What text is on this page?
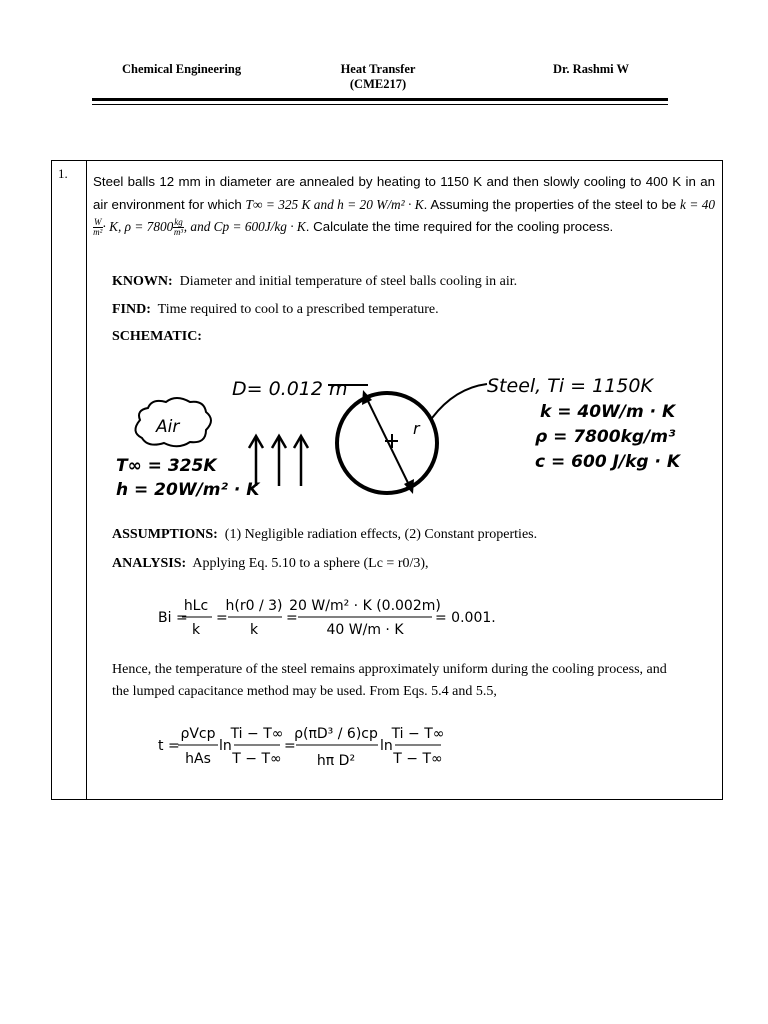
Chemical Engineering	Heat Transfer
(CME217)
Dr. Rashmi W
1.
Steel balls 12 mm in diameter are annealed by heating to 1150 K and then slowly cooling to 400 K in an air environment for which T∞ = 325 K and h = 20 W/m² · K. Assuming the properties of the steel to be k = 40
$\frac{W}{\text{m²}} \cdot K$, $\rho = 7800 \frac{kg}{\text{m³}}$ , and Cp = 600J/kg · K. Calculate the time required for the cooling process.
KNOWN: Diameter and initial temperature of steel balls cooling in air.
FIND: Time required to cool to a prescribed temperature.
SCHEMATIC:
D= 0.012 m
r
Air
T∞ = 325K
h = 20W/m² · K
Steel, Ti = 1150K
k = 40W/m · K
ρ = 7800kg/m³
c = 600 J/kg · K
ASSUMPTIONS: (1) Negligible radiation effects, (2) Constant properties.
ANALYSIS: Applying Eq. 5.10 to a sphere (Lc = r0/3),
Bi =
hLc
k
=
h(r0 / 3)
k
=
20 W/m² · K (0.002m)
40 W/m · K
= 0.001.
Hence, the temperature of the steel remains approximately uniform during the cooling process, and the lumped capacitance method may be used. From Eqs. 5.4 and 5.5,
t =
ρVcp
hAs
ln
Ti − T∞
T − T∞
=
ρ(πD³ / 6)cp
hπ D²
ln
Ti − T∞
T − T∞
